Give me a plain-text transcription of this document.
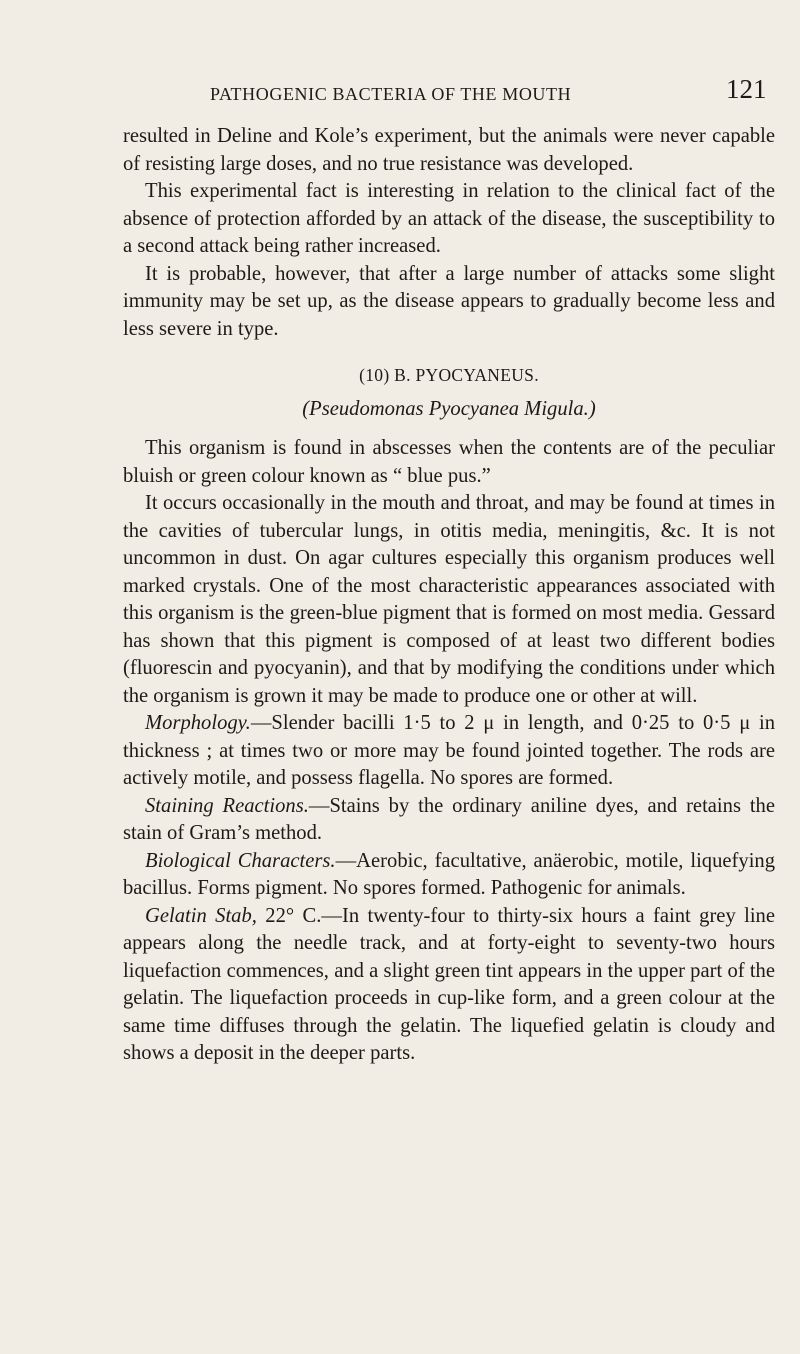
PATHOGENIC BACTERIA OF THE MOUTH	121

resulted in Deline and Kole’s experiment, but the animals were never capable of resisting large doses, and no true resistance was developed.

This experimental fact is interesting in relation to the clinical fact of the absence of protection afforded by an attack of the disease, the susceptibility to a second attack being rather increased.

It is probable, however, that after a large number of attacks some slight immunity may be set up, as the disease appears to gradually become less and less severe in type.

(10) B. PYOCYANEUS.
(Pseudomonas Pyocyanea Migula.)

This organism is found in abscesses when the contents are of the peculiar bluish or green colour known as “ blue pus.”

It occurs occasionally in the mouth and throat, and may be found at times in the cavities of tubercular lungs, in otitis media, meningitis, &c. It is not uncommon in dust. On agar cultures especially this organism produces well marked crystals. One of the most characteristic appearances associated with this organism is the green-blue pigment that is formed on most media. Gessard has shown that this pigment is composed of at least two different bodies (fluorescin and pyocyanin), and that by modifying the conditions under which the organism is grown it may be made to produce one or other at will.

Morphology.—Slender bacilli 1·5 to 2 μ in length, and 0·25 to 0·5 μ in thickness ; at times two or more may be found jointed together. The rods are actively motile, and possess flagella. No spores are formed.

Staining Reactions.—Stains by the ordinary aniline dyes, and retains the stain of Gram’s method.

Biological Characters.—Aerobic, facultative, anäerobic, motile, liquefying bacillus. Forms pigment. No spores formed. Pathogenic for animals.

Gelatin Stab, 22° C.—In twenty-four to thirty-six hours a faint grey line appears along the needle track, and at forty-eight to seventy-two hours liquefaction commences, and a slight green tint appears in the upper part of the gelatin. The liquefaction proceeds in cup-like form, and a green colour at the same time diffuses through the gelatin. The liquefied gelatin is cloudy and shows a deposit in the deeper parts.
